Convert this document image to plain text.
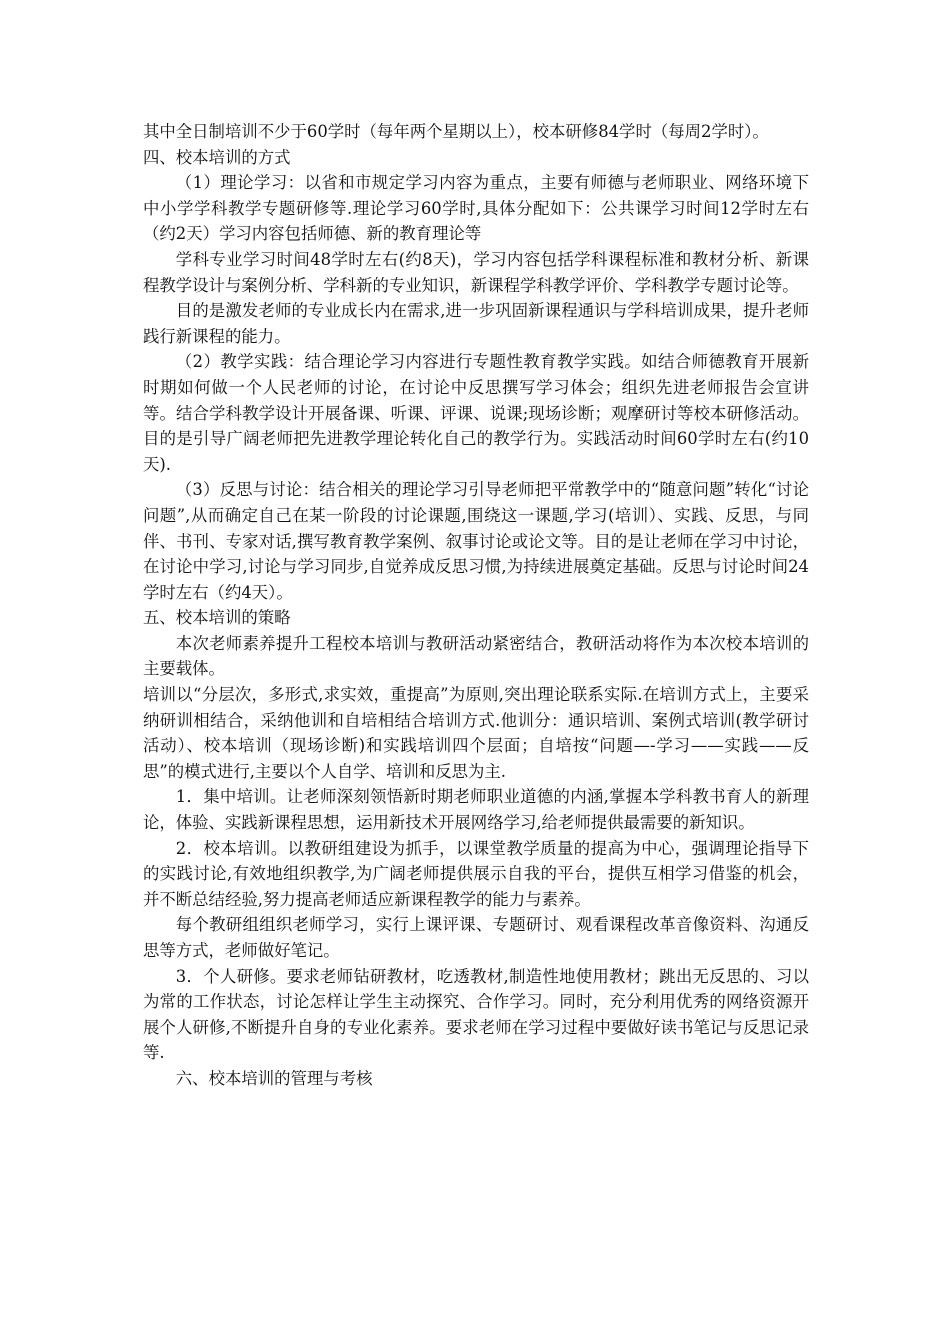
其中全日制培训不少于60学时（每年两个星期以上），校本研修84学时（每周2学时）。

四、校本培训的方式

（1）理论学习：以省和市规定学习内容为重点，主要有师德与老师职业、网络环境下中小学学科教学专题研修等.理论学习60学时,具体分配如下：公共课学习时间12学时左右（约2天）学习内容包括师德、新的教育理论等

学科专业学习时间48学时左右(约8天)，学习内容包括学科课程标准和教材分析、新课程教学设计与案例分析、学科新的专业知识，新课程学科教学评价、学科教学专题讨论等。

目的是激发老师的专业成长内在需求,进一步巩固新课程通识与学科培训成果，提升老师践行新课程的能力。

（2）教学实践：结合理论学习内容进行专题性教育教学实践。如结合师德教育开展新时期如何做一个人民老师的讨论，在讨论中反思撰写学习体会；组织先进老师报告会宣讲等。结合学科教学设计开展备课、听课、评课、说课;现场诊断；观摩研讨等校本研修活动。目的是引导广阔老师把先进教学理论转化自己的教学行为。实践活动时间60学时左右(约10天).

（3）反思与讨论：结合相关的理论学习引导老师把平常教学中的“随意问题”转化“讨论问题”,从而确定自己在某一阶段的讨论课题,围绕这一课题,学习(培训）、实践、反思，与同伴、书刊、专家对话,撰写教育教学案例、叙事讨论或论文等。目的是让老师在学习中讨论，在讨论中学习,讨论与学习同步,自觉养成反思习惯,为持续进展奠定基础。反思与讨论时间24学时左右（约4天）。

五、校本培训的策略

本次老师素养提升工程校本培训与教研活动紧密结合，教研活动将作为本次校本培训的主要载体。

培训以“分层次，多形式,求实效，重提高”为原则,突出理论联系实际.在培训方式上，主要采纳研训相结合，采纳他训和自培相结合培训方式.他训分：通识培训、案例式培训(教学研讨活动）、校本培训（现场诊断)和实践培训四个层面；自培按“问题—-学习——实践——反思”的模式进行,主要以个人自学、培训和反思为主.

1．集中培训。让老师深刻领悟新时期老师职业道德的内涵,掌握本学科教书育人的新理论，体验、实践新课程思想，运用新技术开展网络学习,给老师提供最需要的新知识。

2．校本培训。以教研组建设为抓手，以课堂教学质量的提高为中心，强调理论指导下的实践讨论,有效地组织教学,为广阔老师提供展示自我的平台，提供互相学习借鉴的机会，并不断总结经验,努力提高老师适应新课程教学的能力与素养。

每个教研组组织老师学习，实行上课评课、专题研讨、观看课程改革音像资料、沟通反思等方式，老师做好笔记。

3．个人研修。要求老师钻研教材，吃透教材,制造性地使用教材；跳出无反思的、习以为常的工作状态，讨论怎样让学生主动探究、合作学习。同时，充分利用优秀的网络资源开展个人研修,不断提升自身的专业化素养。要求老师在学习过程中要做好读书笔记与反思记录等.

六、校本培训的管理与考核
